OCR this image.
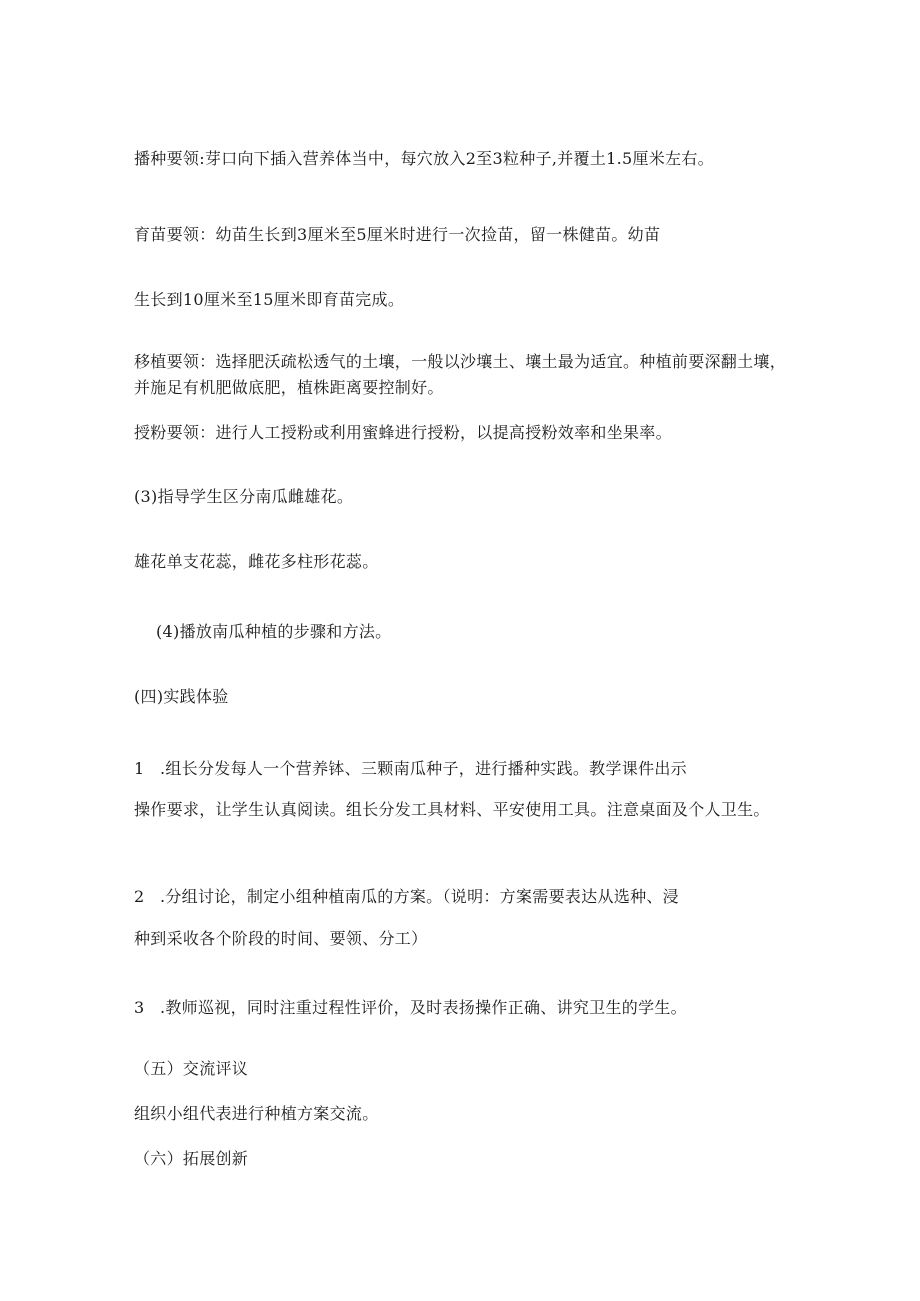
播种要领:芽口向下插入营养体当中，每穴放入2至3粒种子,并覆土1.5厘米左右。
育苗要领：幼苗生长到3厘米至5厘米时进行一次捡苗，留一株健苗。幼苗
生长到10厘米至15厘米即育苗完成。
移植要领：选择肥沃疏松透气的土壤，一般以沙壤土、壤土最为适宜。种植前要深翻土壤，并施足有机肥做底肥，植株距离要控制好。
授粉要领：进行人工授粉或利用蜜蜂进行授粉，以提高授粉效率和坐果率。
(3)指导学生区分南瓜雌雄花。
雄花单支花蕊，雌花多柱形花蕊。
(4)播放南瓜种植的步骤和方法。
(四)实践体验
1 .组长分发每人一个营养钵、三颗南瓜种子，进行播种实践。教学课件出示
操作要求，让学生认真阅读。组长分发工具材料、平安使用工具。注意桌面及个人卫生。
2 .分组讨论，制定小组种植南瓜的方案。（说明：方案需要表达从选种、浸
种到采收各个阶段的时间、要领、分工）
3 .教师巡视，同时注重过程性评价，及时表扬操作正确、讲究卫生的学生。
（五）交流评议
组织小组代表进行种植方案交流。
（六）拓展创新
